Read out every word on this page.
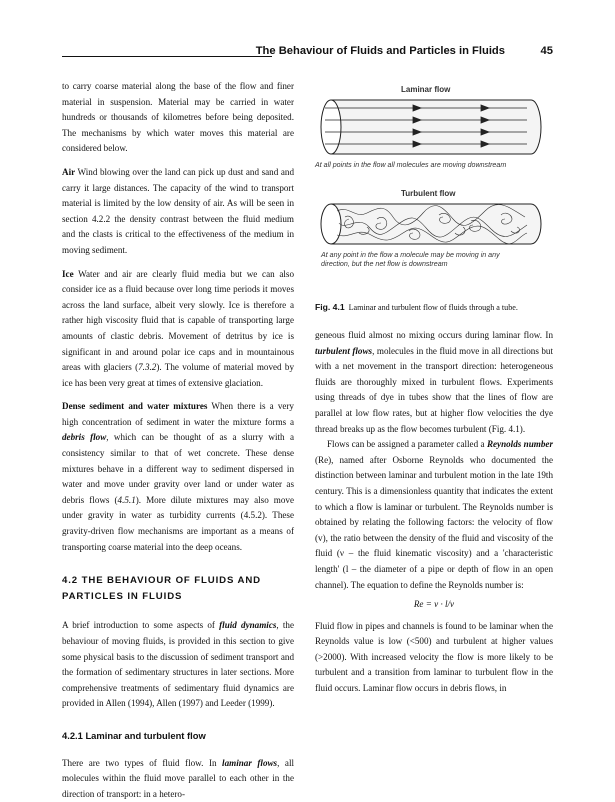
The Behaviour of Fluids and Particles in Fluids	45

to carry coarse material along the base of the flow and finer material in suspension. Material may be carried in water hundreds or thousands of kilometres before being deposited. The mechanisms by which water moves this material are considered below.

Air Wind blowing over the land can pick up dust and sand and carry it large distances. The capacity of the wind to transport material is limited by the low density of air. As will be seen in section 4.2.2 the density contrast between the fluid medium and the clasts is critical to the effectiveness of the medium in moving sediment.

Ice Water and air are clearly fluid media but we can also consider ice as a fluid because over long time periods it moves across the land surface, albeit very slowly. Ice is therefore a rather high viscosity fluid that is capable of transporting large amounts of clastic debris. Movement of detritus by ice is significant in and around polar ice caps and in mountainous areas with glaciers (7.3.2). The volume of material moved by ice has been very great at times of extensive glaciation.

Dense sediment and water mixtures When there is a very high concentration of sediment in water the mixture forms a debris flow, which can be thought of as a slurry with a consistency similar to that of wet concrete. These dense mixtures behave in a different way to sediment dispersed in water and move under gravity over land or under water as debris flows (4.5.1). More dilute mixtures may also move under gravity in water as turbidity currents (4.5.2). These gravity-driven flow mechanisms are important as a means of transporting coarse material into the deep oceans.

4.2 THE BEHAVIOUR OF FLUIDS AND PARTICLES IN FLUIDS

A brief introduction to some aspects of fluid dynamics, the behaviour of moving fluids, is provided in this section to give some physical basis to the discussion of sediment transport and the formation of sedimentary structures in later sections. More comprehensive treatments of sedimentary fluid dynamics are provided in Allen (1994), Allen (1997) and Leeder (1999).

4.2.1 Laminar and turbulent flow

There are two types of fluid flow. In laminar flows, all molecules within the fluid move parallel to each other in the direction of transport: in a hetero-

Laminar flow
At all points in the flow all molecules are moving downstream
Turbulent flow
At any point in the flow a molecule may be moving in any direction, but the net flow is downstream
Fig. 4.1 Laminar and turbulent flow of fluids through a tube.

geneous fluid almost no mixing occurs during laminar flow. In turbulent flows, molecules in the fluid move in all directions but with a net movement in the transport direction: heterogeneous fluids are thoroughly mixed in turbulent flows. Experiments using threads of dye in tubes show that the lines of flow are parallel at low flow rates, but at higher flow velocities the dye thread breaks up as the flow becomes turbulent (Fig. 4.1).

Flows can be assigned a parameter called a Reynolds number (Re), named after Osborne Reynolds who documented the distinction between laminar and turbulent motion in the late 19th century. This is a dimensionless quantity that indicates the extent to which a flow is laminar or turbulent. The Reynolds number is obtained by relating the following factors: the velocity of flow (v), the ratio between the density of the fluid and viscosity of the fluid (ν – the fluid kinematic viscosity) and a 'characteristic length' (l – the diameter of a pipe or depth of flow in an open channel). The equation to define the Reynolds number is:

Re = v · l/ν

Fluid flow in pipes and channels is found to be laminar when the Reynolds value is low (<500) and turbulent at higher values (>2000). With increased velocity the flow is more likely to be turbulent and a transition from laminar to turbulent flow in the fluid occurs. Laminar flow occurs in debris flows, in
